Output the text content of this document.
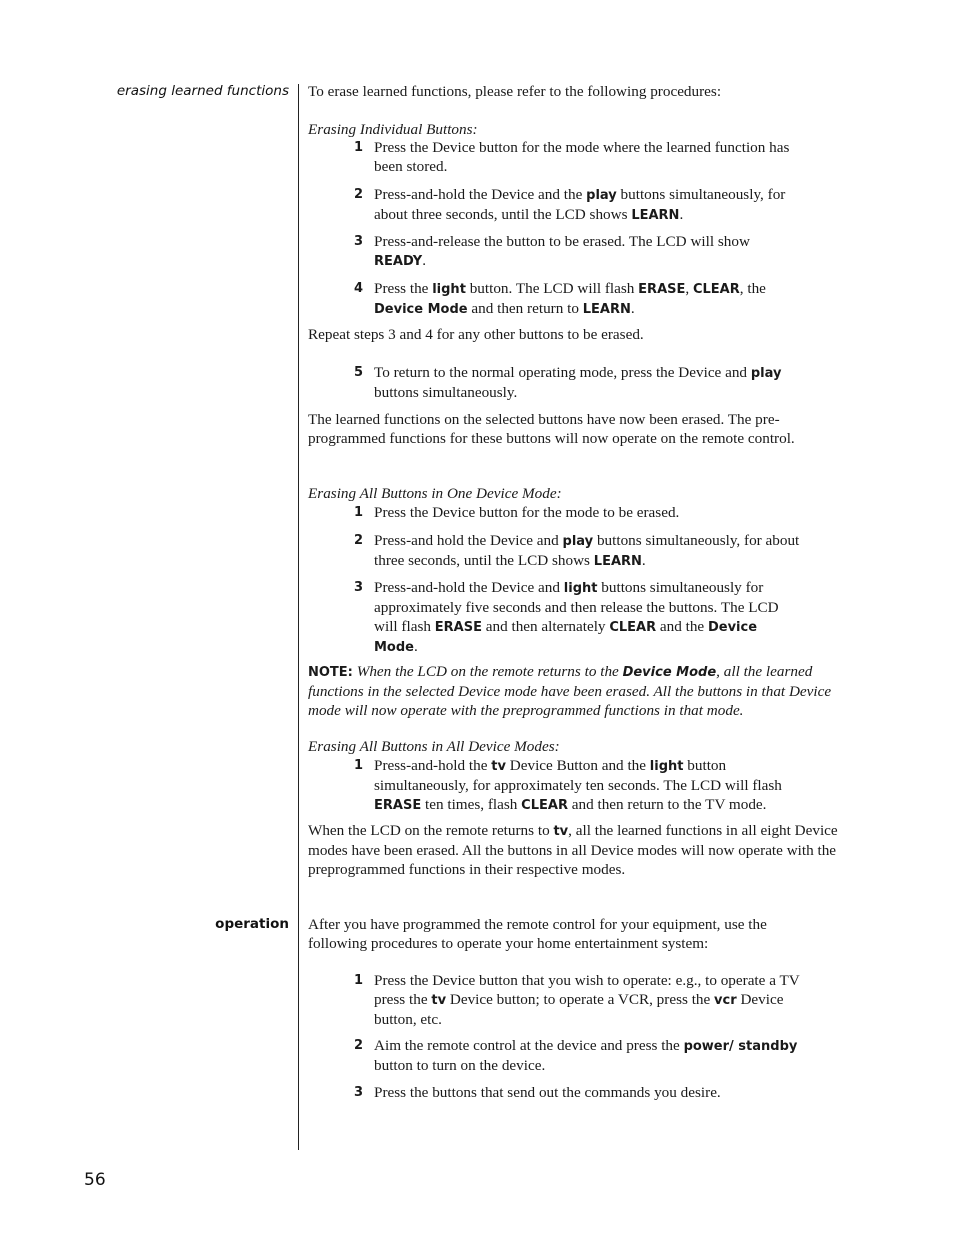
erasing learned functions
operation

To erase learned functions, please refer to the following procedures:

Erasing Individual Buttons:

1 Press the Device button for the mode where the learned function has been stored.
2 Press-and-hold the Device and the play buttons simultaneously, for about three seconds, until the LCD shows LEARN.
3 Press-and-release the button to be erased. The LCD will show READY.
4 Press the light button. The LCD will flash ERASE, CLEAR, the Device Mode and then return to LEARN.

Repeat steps 3 and 4 for any other buttons to be erased.

5 To return to the normal operating mode, press the Device and play buttons simultaneously.

The learned functions on the selected buttons have now been erased. The pre-programmed functions for these buttons will now operate on the remote control.

Erasing All Buttons in One Device Mode:

1 Press the Device button for the mode to be erased.
2 Press-and hold the Device and play buttons simultaneously, for about three seconds, until the LCD shows LEARN.
3 Press-and-hold the Device and light buttons simultaneously for approximately five seconds and then release the buttons. The LCD will flash ERASE and then alternately CLEAR and the Device Mode.

NOTE: When the LCD on the remote returns to the Device Mode, all the learned functions in the selected Device mode have been erased. All the buttons in that Device mode will now operate with the preprogrammed functions in that mode.

Erasing All Buttons in All Device Modes:

1 Press-and-hold the tv Device Button and the light button simultaneously, for approximately ten seconds. The LCD will flash ERASE ten times, flash CLEAR and then return to the TV mode.

When the LCD on the remote returns to tv, all the learned functions in all eight Device modes have been erased. All the buttons in all Device modes will now operate with the preprogrammed functions in their respective modes.

After you have programmed the remote control for your equipment, use the following procedures to operate your home entertainment system:

1 Press the Device button that you wish to operate: e.g., to operate a TV press the tv Device button; to operate a VCR, press the vcr Device button, etc.
2 Aim the remote control at the device and press the power/ standby button to turn on the device.
3 Press the buttons that send out the commands you desire.
56
